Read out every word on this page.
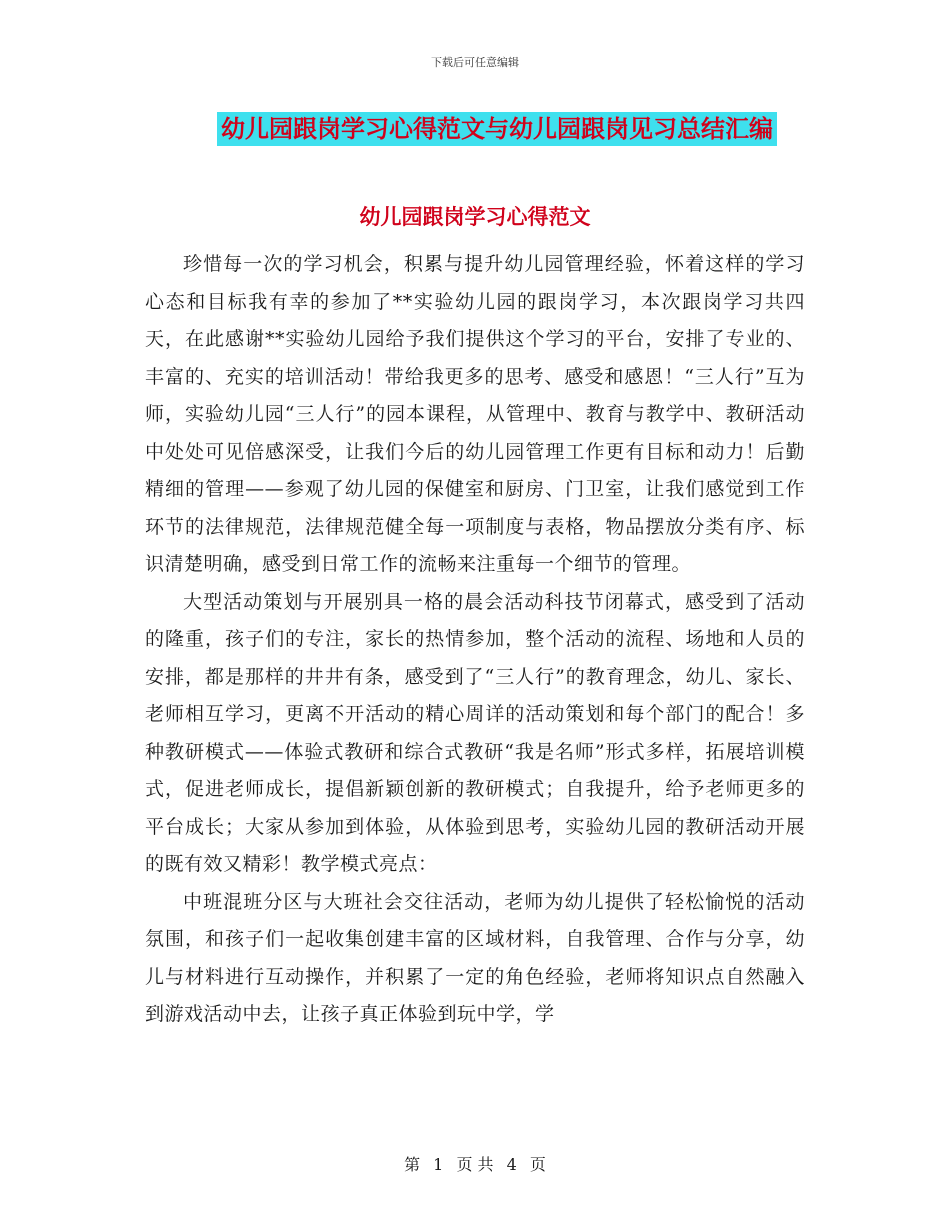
下载后可任意编辑
幼儿园跟岗学习心得范文与幼儿园跟岗见习总结汇编
幼儿园跟岗学习心得范文

珍惜每一次的学习机会，积累与提升幼儿园管理经验，怀着这样的学习心态和目标我有幸的参加了**实验幼儿园的跟岗学习，本次跟岗学习共四天，在此感谢**实验幼儿园给予我们提供这个学习的平台，安排了专业的、丰富的、充实的培训活动！带给我更多的思考、感受和感恩！“三人行”互为师，实验幼儿园“三人行”的园本课程，从管理中、教育与教学中、教研活动中处处可见倍感深受，让我们今后的幼儿园管理工作更有目标和动力！后勤精细的管理——参观了幼儿园的保健室和厨房、门卫室，让我们感觉到工作环节的法律规范，法律规范健全每一项制度与表格，物品摆放分类有序、标识清楚明确，感受到日常工作的流畅来注重每一个细节的管理。

大型活动策划与开展别具一格的晨会活动科技节闭幕式，感受到了活动的隆重，孩子们的专注，家长的热情参加，整个活动的流程、场地和人员的安排，都是那样的井井有条，感受到了“三人行”的教育理念，幼儿、家长、老师相互学习，更离不开活动的精心周详的活动策划和每个部门的配合！多种教研模式——体验式教研和综合式教研“我是名师”形式多样，拓展培训模式，促进老师成长，提倡新颖创新的教研模式；自我提升，给予老师更多的平台成长；大家从参加到体验，从体验到思考，实验幼儿园的教研活动开展的既有效又精彩！教学模式亮点：

中班混班分区与大班社会交往活动，老师为幼儿提供了轻松愉悦的活动氛围，和孩子们一起收集创建丰富的区域材料，自我管理、合作与分享，幼儿与材料进行互动操作，并积累了一定的角色经验，老师将知识点自然融入到游戏活动中去，让孩子真正体验到玩中学，学

第 1 页 共 4 页
